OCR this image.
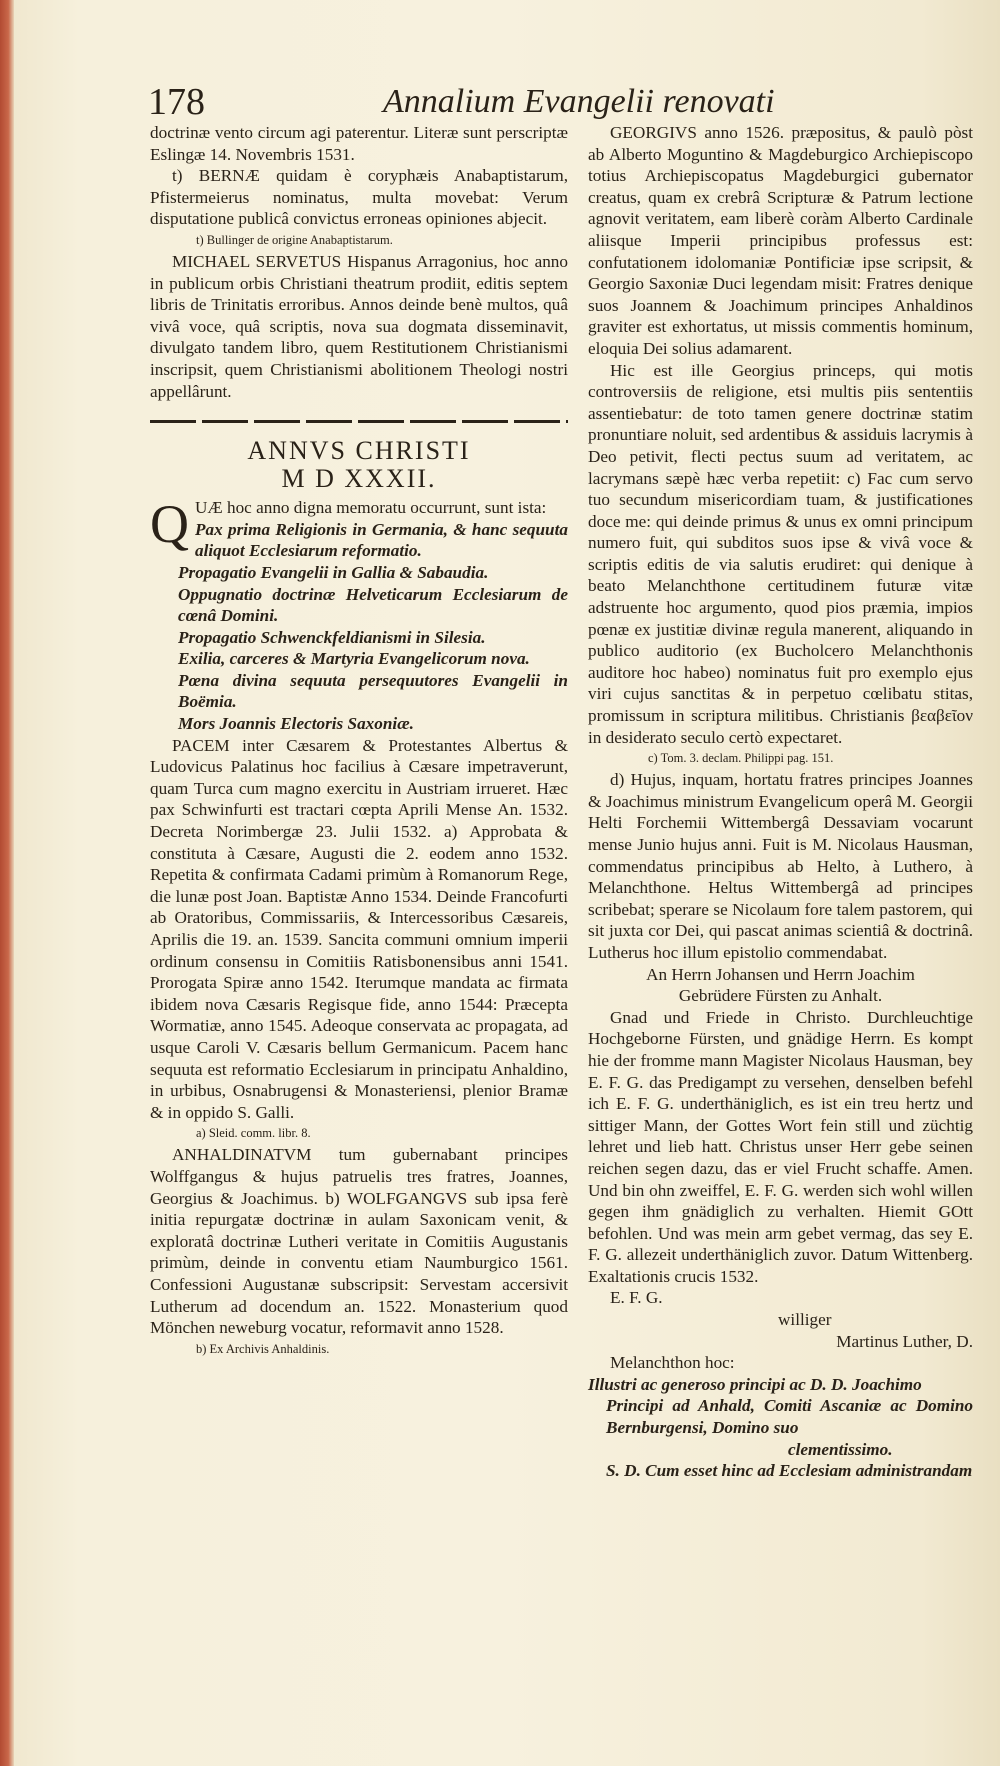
178	Annalium Evangelii renovati

doctrinæ vento circum agi paterentur. Literæ sunt perscriptæ Eslingæ 14. Novembris 1531.

t) BERNÆ quidam è coryphæis Anabaptistarum, Pfistermeierus nominatus, multa movebat: Verum disputatione publicâ convictus erroneas opiniones abjecit.

t) Bullinger de origine Anabaptistarum.

MICHAEL SERVETUS Hispanus Arragonius, hoc anno in publicum orbis Christiani theatrum prodiit, editis septem libris de Trinitatis erroribus. Annos deinde benè multos, quâ vivâ voce, quâ scriptis, nova sua dogmata disseminavit, divulgato tandem libro, quem Restitutionem Christianismi inscripsit, quem Christianismi abolitionem Theologi nostri appellârunt.

ANNVS CHRISTI
M D XXXII.
Q UÆ hoc anno digna memoratu occurrunt, sunt ista:

Pax prima Religionis in Germania, & hanc sequuta aliquot Ecclesiarum reformatio.

Propagatio Evangelii in Gallia & Sabaudia.

Oppugnatio doctrinæ Helveticarum Ecclesiarum de cœnâ Domini.

Propagatio Schwenckfeldianismi in Silesia.

Exilia, carceres & Martyria Evangelicorum nova.

Pœna divina sequuta persequutores Evangelii in Boëmia.

Mors Joannis Electoris Saxoniæ.

PACEM inter Cæsarem & Protestantes Albertus & Ludovicus Palatinus hoc facilius à Cæsare impetraverunt, quam Turca cum magno exercitu in Austriam irrueret. Hæc pax Schwinfurti est tractari cœpta Aprili Mense An. 1532. Decreta Norimbergæ 23. Julii 1532. a) Approbata & constituta à Cæsare, Augusti die 2. eodem anno 1532. Repetita & confirmata Cadami primùm à Romanorum Rege, die lunæ post Joan. Baptistæ Anno 1534. Deinde Francofurti ab Oratoribus, Commissariis, & Intercessoribus Cæsareis, Aprilis die 19. an. 1539. Sancita communi omnium imperii ordinum consensu in Comitiis Ratisbonensibus anni 1541. Prorogata Spiræ anno 1542. Iterumque mandata ac firmata ibidem nova Cæsaris Regisque fide, anno 1544: Præcepta Wormatiæ, anno 1545. Adeoque conservata ac propagata, ad usque Caroli V. Cæsaris bellum Germanicum. Pacem hanc sequuta est reformatio Ecclesiarum in principatu Anhaldino, in urbibus, Osnabrugensi & Monasteriensi, plenior Bramæ & in oppido S. Galli.

a) Sleid. comm. libr. 8.

ANHALDINATVM tum gubernabant principes Wolffgangus & hujus patruelis tres fratres, Joannes, Georgius & Joachimus. b) WOLFGANGVS sub ipsa ferè initia repurgatæ doctrinæ in aulam Saxonicam venit, & exploratâ doctrinæ Lutheri veritate in Comitiis Augustanis primùm, deinde in conventu etiam Naumburgico 1561. Confessioni Augustanæ subscripsit: Servestam accersivit Lutherum ad docendum an. 1522. Monasterium quod Mönchen neweburg vocatur, reformavit anno 1528.

b) Ex Archivis Anhaldinis.

GEORGIVS anno 1526. præpositus, & paulò pòst ab Alberto Moguntino & Magdeburgico Archiepiscopo totius Archiepiscopatus Magdeburgici gubernator creatus, quam ex crebrâ Scripturæ & Patrum lectione agnovit veritatem, eam liberè coràm Alberto Cardinale aliisque Imperii principibus professus est: confutationem idolomaniæ Pontificiæ ipse scripsit, & Georgio Saxoniæ Duci legendam misit: Fratres denique suos Joannem & Joachimum principes Anhaldinos graviter est exhortatus, ut missis commentis hominum, eloquia Dei solius adamarent.

Hic est ille Georgius princeps, qui motis controversiis de religione, etsi multis piis sententiis assentiebatur: de toto tamen genere doctrinæ statim pronuntiare noluit, sed ardentibus & assiduis lacrymis à Deo petivit, flecti pectus suum ad veritatem, ac lacrymans sæpè hæc verba repetiit: c) Fac cum servo tuo secundum misericordiam tuam, & justificationes doce me: qui deinde primus & unus ex omni principum numero fuit, qui subditos suos ipse & vivâ voce & scriptis editis de via salutis erudiret: qui denique à beato Melanchthone certitudinem futuræ vitæ adstruente hoc argumento, quod pios præmia, impios pœnæ ex justitiæ divinæ regula manerent, aliquando in publico auditorio (ex Bucholcero Melanchthonis auditore hoc habeo) nominatus fuit pro exemplo ejus viri cujus sanctitas & in perpetuo cœlibatu stitas, promissum in scriptura militibus. Christianis βεαβεῖον in desiderato seculo certò expectaret.

c) Tom. 3. declam. Philippi pag. 151.

d) Hujus, inquam, hortatu fratres principes Joannes & Joachimus ministrum Evangelicum operâ M. Georgii Helti Forchemii Wittembergâ Dessaviam vocarunt mense Junio hujus anni. Fuit is M. Nicolaus Hausman, commendatus principibus ab Helto, à Luthero, à Melanchthone. Heltus Wittembergâ ad principes scribebat; sperare se Nicolaum fore talem pastorem, qui sit juxta cor Dei, qui pascat animas scientiâ & doctrinâ. Lutherus hoc illum epistolio commendabat.

An Herrn Johansen und Herrn Joachim

Gebrüdere Fürsten zu Anhalt.

Gnad und Friede in Christo. Durchleuchtige Hochgeborne Fürsten, und gnädige Herrn. Es kompt hie der fromme mann Magister Nicolaus Hausman, bey E. F. G. das Predigampt zu versehen, denselben befehl ich E. F. G. underthäniglich, es ist ein treu hertz und sittiger Mann, der Gottes Wort fein still und züchtig lehret und lieb hatt. Christus unser Herr gebe seinen reichen segen dazu, das er viel Frucht schaffe. Amen. Und bin ohn zweiffel, E. F. G. werden sich wohl willen gegen ihm gnädiglich zu verhalten. Hiemit GOtt befohlen. Und was mein arm gebet vermag, das sey E. F. G. allezeit underthäniglich zuvor. Datum Wittenberg. Exaltationis crucis 1532.

E. F. G.

williger

Martinus Luther, D.

Melanchthon hoc:

Illustri ac generoso principi ac D. D. Joachimo

Principi ad Anhald, Comiti Ascaniæ ac Domino Bernburgensi, Domino suo

clementissimo.

S. D. Cum esset hinc ad Ecclesiam administrandam
